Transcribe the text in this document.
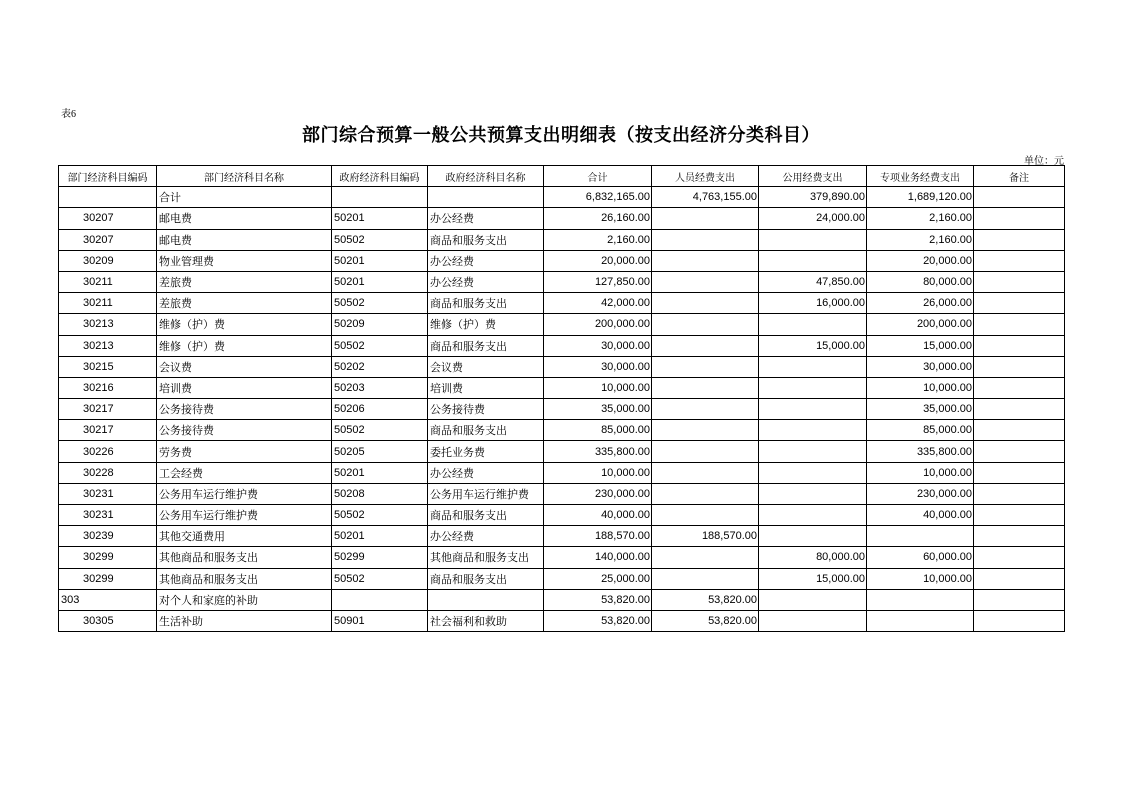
表6
部门综合预算一般公共预算支出明细表（按支出经济分类科目）
单位：元
部门经济科目编码	部门经济科目名称	政府经济科目编码	政府经济科目名称	合计	人员经费支出	公用经费支出	专项业务经费支出	备注
	合计			6,832,165.00	4,763,155.00	379,890.00	1,689,120.00	
30207	邮电费	50201	办公经费	26,160.00		24,000.00	2,160.00	
30207	邮电费	50502	商品和服务支出	2,160.00			2,160.00	
30209	物业管理费	50201	办公经费	20,000.00			20,000.00	
30211	差旅费	50201	办公经费	127,850.00		47,850.00	80,000.00	
30211	差旅费	50502	商品和服务支出	42,000.00		16,000.00	26,000.00	
30213	维修（护）费	50209	维修（护）费	200,000.00			200,000.00	
30213	维修（护）费	50502	商品和服务支出	30,000.00		15,000.00	15,000.00	
30215	会议费	50202	会议费	30,000.00			30,000.00	
30216	培训费	50203	培训费	10,000.00			10,000.00	
30217	公务接待费	50206	公务接待费	35,000.00			35,000.00	
30217	公务接待费	50502	商品和服务支出	85,000.00			85,000.00	
30226	劳务费	50205	委托业务费	335,800.00			335,800.00	
30228	工会经费	50201	办公经费	10,000.00			10,000.00	
30231	公务用车运行维护费	50208	公务用车运行维护费	230,000.00			230,000.00	
30231	公务用车运行维护费	50502	商品和服务支出	40,000.00			40,000.00	
30239	其他交通费用	50201	办公经费	188,570.00	188,570.00			
30299	其他商品和服务支出	50299	其他商品和服务支出	140,000.00		80,000.00	60,000.00	
30299	其他商品和服务支出	50502	商品和服务支出	25,000.00		15,000.00	10,000.00	
303	对个人和家庭的补助			53,820.00	53,820.00			
30305	生活补助	50901	社会福利和救助	53,820.00	53,820.00			
